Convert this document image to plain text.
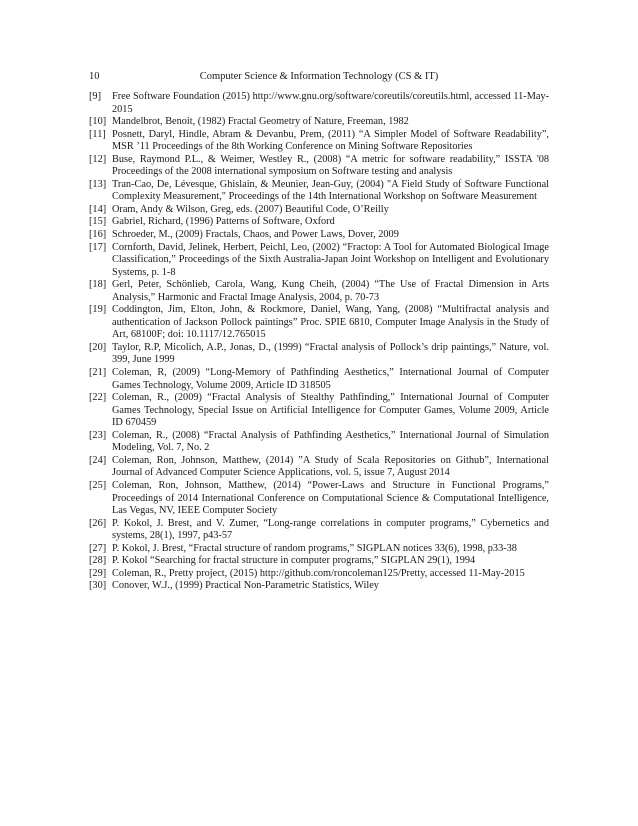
10	Computer Science & Information Technology (CS & IT)
[9] Free Software Foundation (2015) http://www.gnu.org/software/coreutils/coreutils.html, accessed 11-May-2015
[10] Mandelbrot, Benoit, (1982) Fractal Geometry of Nature, Freeman, 1982
[11] Posnett, Daryl, Hindle, Abram & Devanbu, Prem, (2011) “A Simpler Model of Software Readability”, MSR ’11 Proceedings of the 8th Working Conference on Mining Software Repositories
[12] Buse, Raymond P.L., & Weimer, Westley R., (2008) “A metric for software readability,” ISSTA '08 Proceedings of the 2008 international symposium on Software testing and analysis
[13] Tran-Cao, De, Lévesque, Ghislain, & Meunier, Jean-Guy, (2004) "A Field Study of Software Functional Complexity Measurement," Proceedings of the 14th International Workshop on Software Measurement
[14] Oram, Andy & Wilson, Greg, eds. (2007) Beautiful Code, O’Reilly
[15] Gabriel, Richard, (1996) Patterns of Software, Oxford
[16] Schroeder, M., (2009) Fractals, Chaos, and Power Laws, Dover, 2009
[17] Cornforth, David, Jelinek, Herbert, Peichl, Leo, (2002) “Fractop: A Tool for Automated Biological Image Classification,” Proceedings of the Sixth Australia-Japan Joint Workshop on Intelligent and Evolutionary Systems, p. 1-8
[18] Gerl, Peter, Schönlieb, Carola, Wang, Kung Cheih, (2004) “The Use of Fractal Dimension in Arts Analysis,” Harmonic and Fractal Image Analysis, 2004, p. 70-73
[19] Coddington, Jim, Elton, John, & Rockmore, Daniel, Wang, Yang, (2008) “Multifractal analysis and authentication of Jackson Pollock paintings” Proc. SPIE 6810, Computer Image Analysis in the Study of Art, 68100F; doi: 10.1117/12.765015
[20] Taylor, R.P, Micolich, A.P., Jonas, D., (1999) “Fractal analysis of Pollock’s drip paintings,” Nature, vol. 399, June 1999
[21] Coleman, R, (2009) “Long-Memory of Pathfinding Aesthetics,” International Journal of Computer Games Technology, Volume 2009, Article ID 318505
[22] Coleman, R., (2009) “Fractal Analysis of Stealthy Pathfinding,” International Journal of Computer Games Technology, Special Issue on Artificial Intelligence for Computer Games, Volume 2009, Article ID 670459
[23] Coleman, R., (2008) “Fractal Analysis of Pathfinding Aesthetics,” International Journal of Simulation Modeling, Vol. 7, No. 2
[24] Coleman, Ron, Johnson, Matthew, (2014) ”A Study of Scala Repositories on Github”, International Journal of Advanced Computer Science Applications, vol. 5, issue 7, August 2014
[25] Coleman, Ron, Johnson, Matthew, (2014) “Power-Laws and Structure in Functional Programs,” Proceedings of 2014 International Conference on Computational Science & Computational Intelligence, Las Vegas, NV, IEEE Computer Society
[26] P. Kokol, J. Brest, and V. Zumer, “Long-range correlations in computer programs,” Cybernetics and systems, 28(1), 1997, p43-57
[27] P. Kokol, J. Brest, “Fractal structure of random programs,” SIGPLAN notices 33(6), 1998, p33-38
[28] P. Kokol “Searching for fractal structure in computer programs,” SIGPLAN 29(1), 1994
[29] Coleman, R., Pretty project, (2015) http://github.com/roncoleman125/Pretty, accessed 11-May-2015
[30] Conover, W.J., (1999) Practical Non-Parametric Statistics, Wiley
